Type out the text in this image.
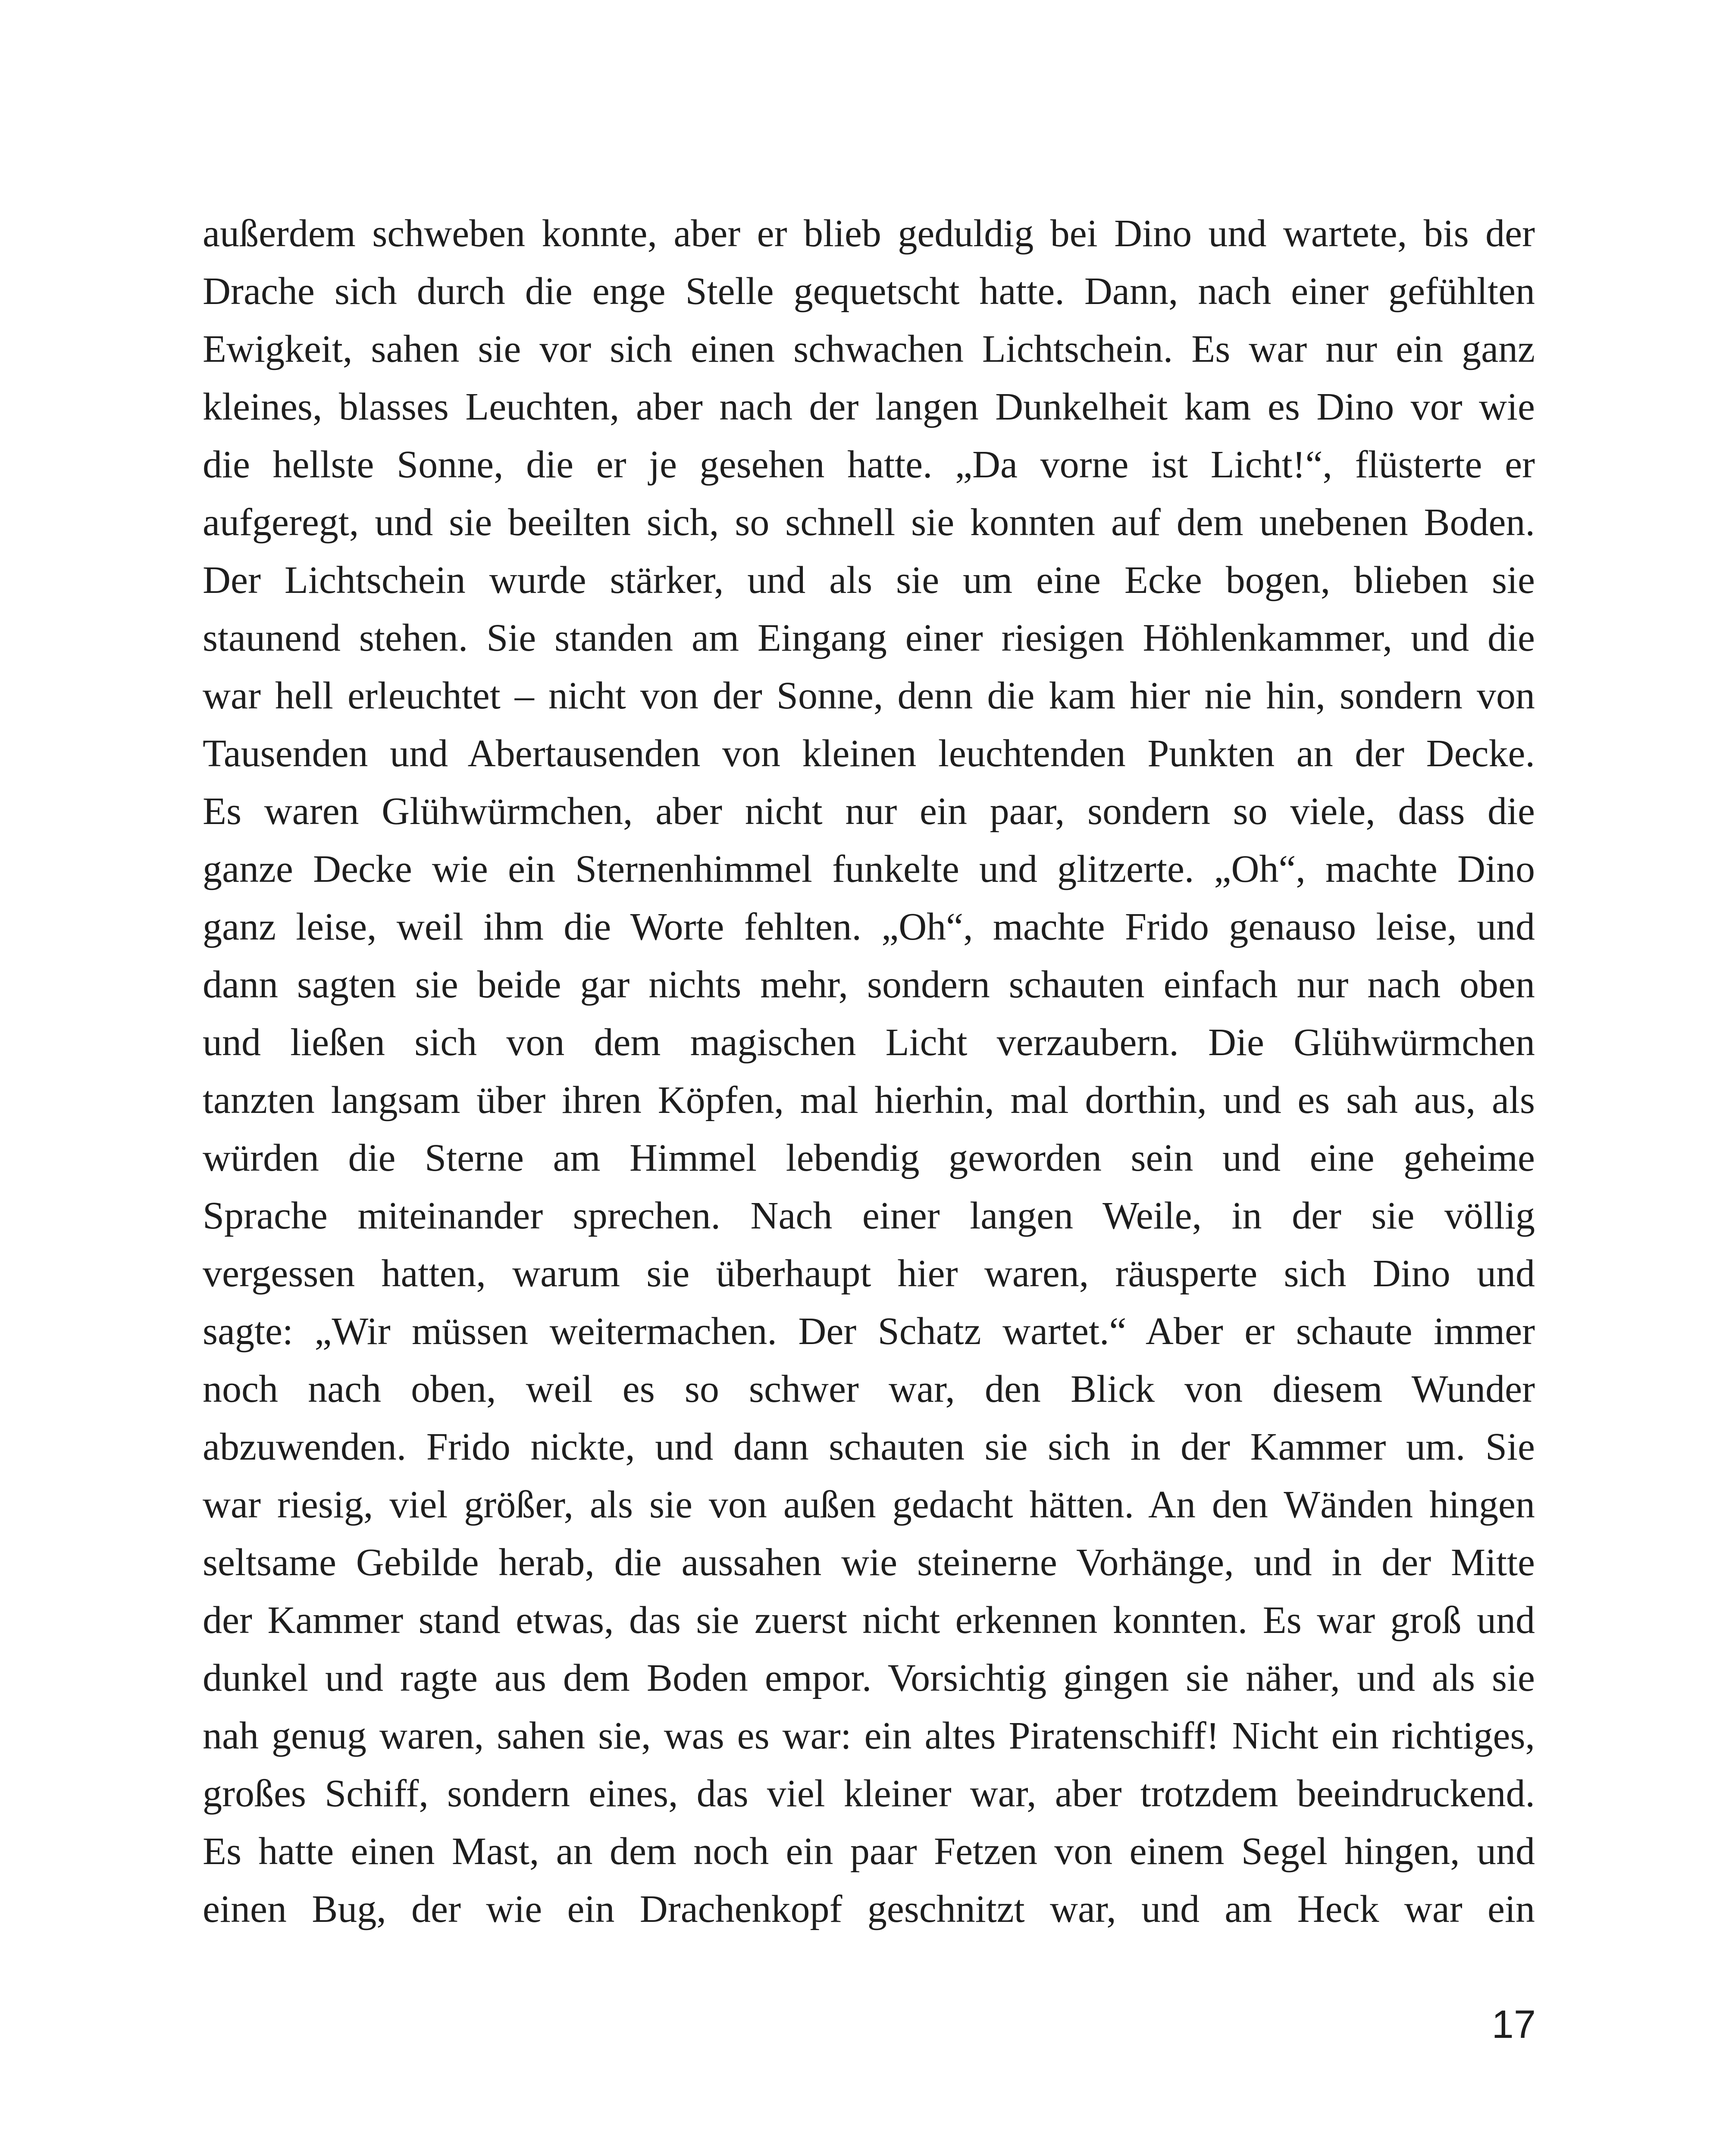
außerdem schweben konnte, aber er blieb geduldig bei Dino und wartete, bis der
Drache sich durch die enge Stelle gequetscht hatte. Dann, nach einer gefühlten
Ewigkeit, sahen sie vor sich einen schwachen Lichtschein. Es war nur ein ganz
kleines, blasses Leuchten, aber nach der langen Dunkelheit kam es Dino vor wie
die hellste Sonne, die er je gesehen hatte. „Da vorne ist Licht!“, flüsterte er
aufgeregt, und sie beeilten sich, so schnell sie konnten auf dem unebenen Boden.
Der Lichtschein wurde stärker, und als sie um eine Ecke bogen, blieben sie
staunend stehen. Sie standen am Eingang einer riesigen Höhlenkammer, und die
war hell erleuchtet – nicht von der Sonne, denn die kam hier nie hin, sondern von
Tausenden und Abertausenden von kleinen leuchtenden Punkten an der Decke.
Es waren Glühwürmchen, aber nicht nur ein paar, sondern so viele, dass die
ganze Decke wie ein Sternenhimmel funkelte und glitzerte. „Oh“, machte Dino
ganz leise, weil ihm die Worte fehlten. „Oh“, machte Frido genauso leise, und
dann sagten sie beide gar nichts mehr, sondern schauten einfach nur nach oben
und ließen sich von dem magischen Licht verzaubern. Die Glühwürmchen
tanzten langsam über ihren Köpfen, mal hierhin, mal dorthin, und es sah aus, als
würden die Sterne am Himmel lebendig geworden sein und eine geheime
Sprache miteinander sprechen. Nach einer langen Weile, in der sie völlig
vergessen hatten, warum sie überhaupt hier waren, räusperte sich Dino und
sagte: „Wir müssen weitermachen. Der Schatz wartet.“ Aber er schaute immer
noch nach oben, weil es so schwer war, den Blick von diesem Wunder
abzuwenden. Frido nickte, und dann schauten sie sich in der Kammer um. Sie
war riesig, viel größer, als sie von außen gedacht hätten. An den Wänden hingen
seltsame Gebilde herab, die aussahen wie steinerne Vorhänge, und in der Mitte
der Kammer stand etwas, das sie zuerst nicht erkennen konnten. Es war groß und
dunkel und ragte aus dem Boden empor. Vorsichtig gingen sie näher, und als sie
nah genug waren, sahen sie, was es war: ein altes Piratenschiff! Nicht ein richtiges,
großes Schiff, sondern eines, das viel kleiner war, aber trotzdem beeindruckend.
Es hatte einen Mast, an dem noch ein paar Fetzen von einem Segel hingen, und
einen Bug, der wie ein Drachenkopf geschnitzt war, und am Heck war ein
17
